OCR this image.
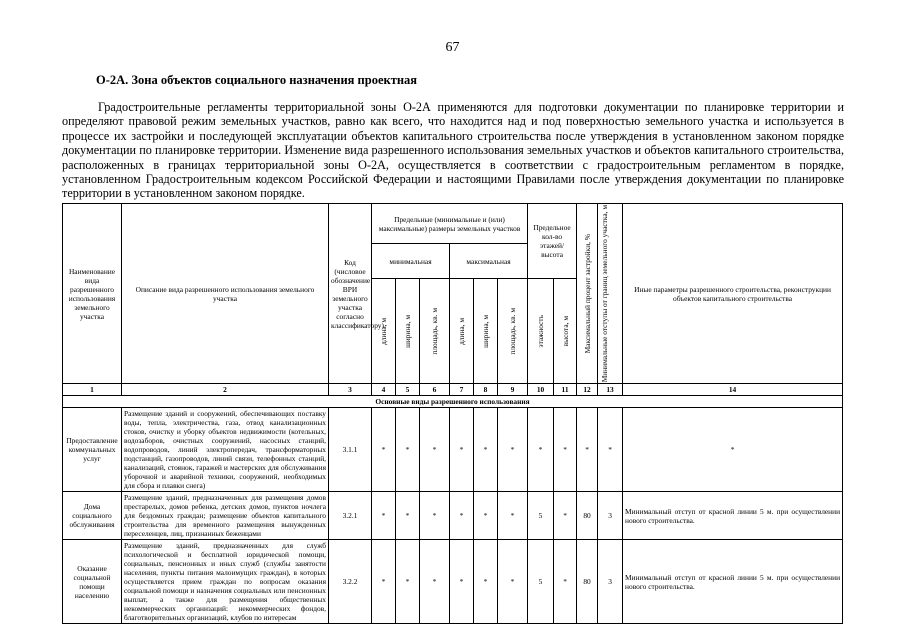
67
О-2А. Зона объектов социального назначения проектная

Градостроительные регламенты территориальной зоны О-2А применяются для подготовки документации по планировке территории и определяют правовой режим земельных участков, равно как всего, что находится над и под поверхностью земельного участка и используется в процессе их застройки и последующей эксплуатации объектов капитального строительства после утверждения в установленном законом порядке документации по планировке территории. Изменение вида разрешенного использования земельных участков и объектов капитального строительства, расположенных в границах территориальной зоны О-2А, осуществляется в соответствии с градостроительным регламентом в порядке, установленном Градостроительным кодексом Российской Федерации и настоящими Правилами после утверждения документации по планировке территории в установленном законом порядке.

Наименование вида разрешенного использования земельного участка	Описание вида разрешенного использования земельного участка	Код (числовое обозначение ВРИ земельного участка согласно классификатору)	Предельные (минимальные и (или) максимальные) размеры земельных участков						Предельное кол-во этажей/ высота		Максимальный процент застройки, %	Минимальные отступы от границ земельного участка, м	Иные параметры разрешенного строительства, реконструкции объектов капитального строительства
			минимальная			максимальная							

			длина, м	ширина, м	площадь, кв. м	длина, м	ширина, м	площадь, кв. м	этажность	высота, м			

1	2	3	4	5	6	7	8	9	10	11	12	13	14
Основные виды разрешенного использования													
Предоставление коммунальных услуг	Размещение зданий и сооружений, обеспечивающих поставку воды, тепла, электричества, газа, отвод канализационных стоков, очистку и уборку объектов недвижимости (котельных, водозаборов, очистных сооружений, насосных станций, водопроводов, линий электропередач, трансформаторных подстанций, газопроводов, линий связи, телефонных станций, канализаций, стоянок, гаражей и мастерских для обслуживания уборочной и аварийной техники, сооружений, необходимых для сбора и плавки снега)	3.1.1	*	*	*	*	*	*	*	*	*	*	*
Дома социального обслуживания	Размещение зданий, предназначенных для размещения домов престарелых, домов ребенка, детских домов, пунктов ночлега для бездомных граждан; размещение объектов капитального строительства для временного размещения вынужденных переселенцев, лиц, признанных беженцами	3.2.1	*	*	*	*	*	*	5	*	80	3	Минимальный отступ от красной линии 5 м. при осуществлении нового строительства.
Оказание социальной помощи населению	Размещение зданий, предназначенных для служб психологической и бесплатной юридической помощи, социальных, пенсионных и иных служб (службы занятости населения, пункты питания малоимущих граждан), в которых осуществляется прием граждан по вопросам оказания социальной помощи и назначения социальных или пенсионных выплат, а также для размещения общественных некоммерческих организаций: некоммерческих фондов, благотворительных организаций, клубов по интересам	3.2.2	*	*	*	*	*	*	5	*	80	3	Минимальный отступ от красной линии 5 м. при осуществлении нового строительства.
